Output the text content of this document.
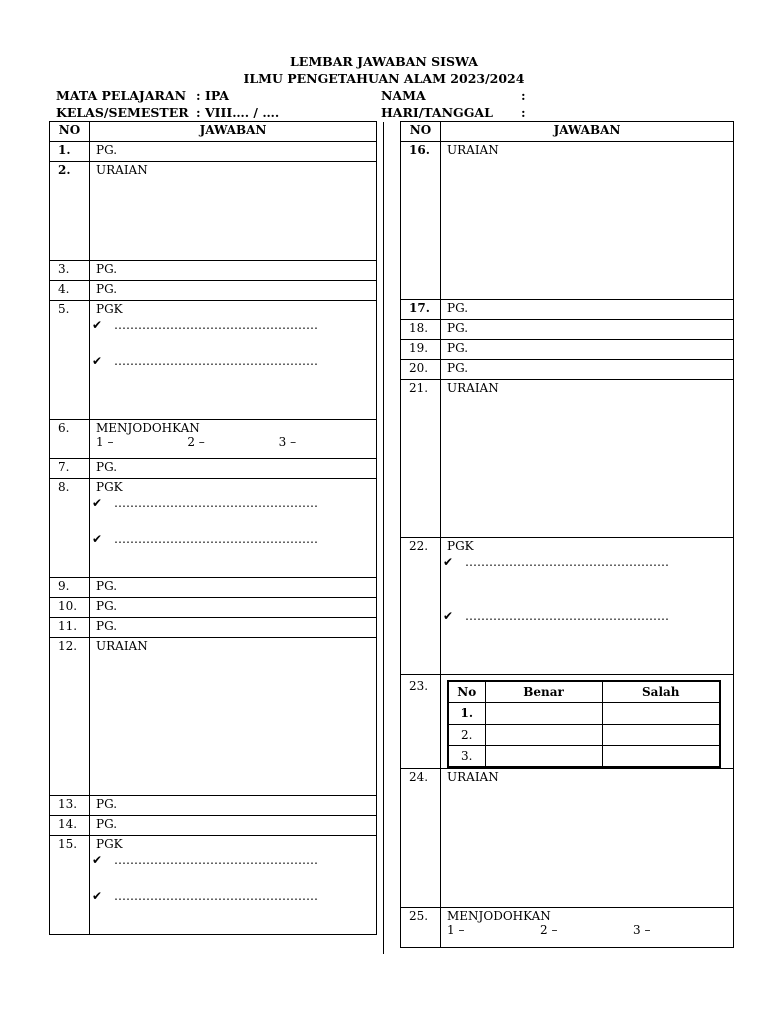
LEMBAR JAWABAN SISWA
ILMU PENGETAHUAN ALAM 2023/2024
MATA PELAJARAN : IPA
KELAS/SEMESTER : VIII…. / ….
NAMA	:
HARI/TANGGAL :
NO	JAWABAN
1.	PG.
2.	URAIAN
3.	PG.
4.	PG.
5.	PGK
✔ ……………………………………………
✔ ……………………………………………

6.	MENJODOHKAN
1 – 2 – 3 –

7.	PG.
8.	PGK
✔ ……………………………………………
✔ ……………………………………………

9.	PG.
10.	PG.
11.	PG.
12.	URAIAN
13.	PG.
14.	PG.
15.	PGK
✔ ……………………………………………
✔ ……………………………………………
NO	JAWABAN
16.	URAIAN
17.	PG.
18.	PG.
19.	PG.
20.	PG.
21.	URAIAN
22.	PGK
✔ ……………………………………………
✔ ……………………………………………

23.	No	Benar	Salah
1.		
2.		
3.		

24.	URAIAN
25.	MENJODOHKAN
1 –	2 –	3 –
